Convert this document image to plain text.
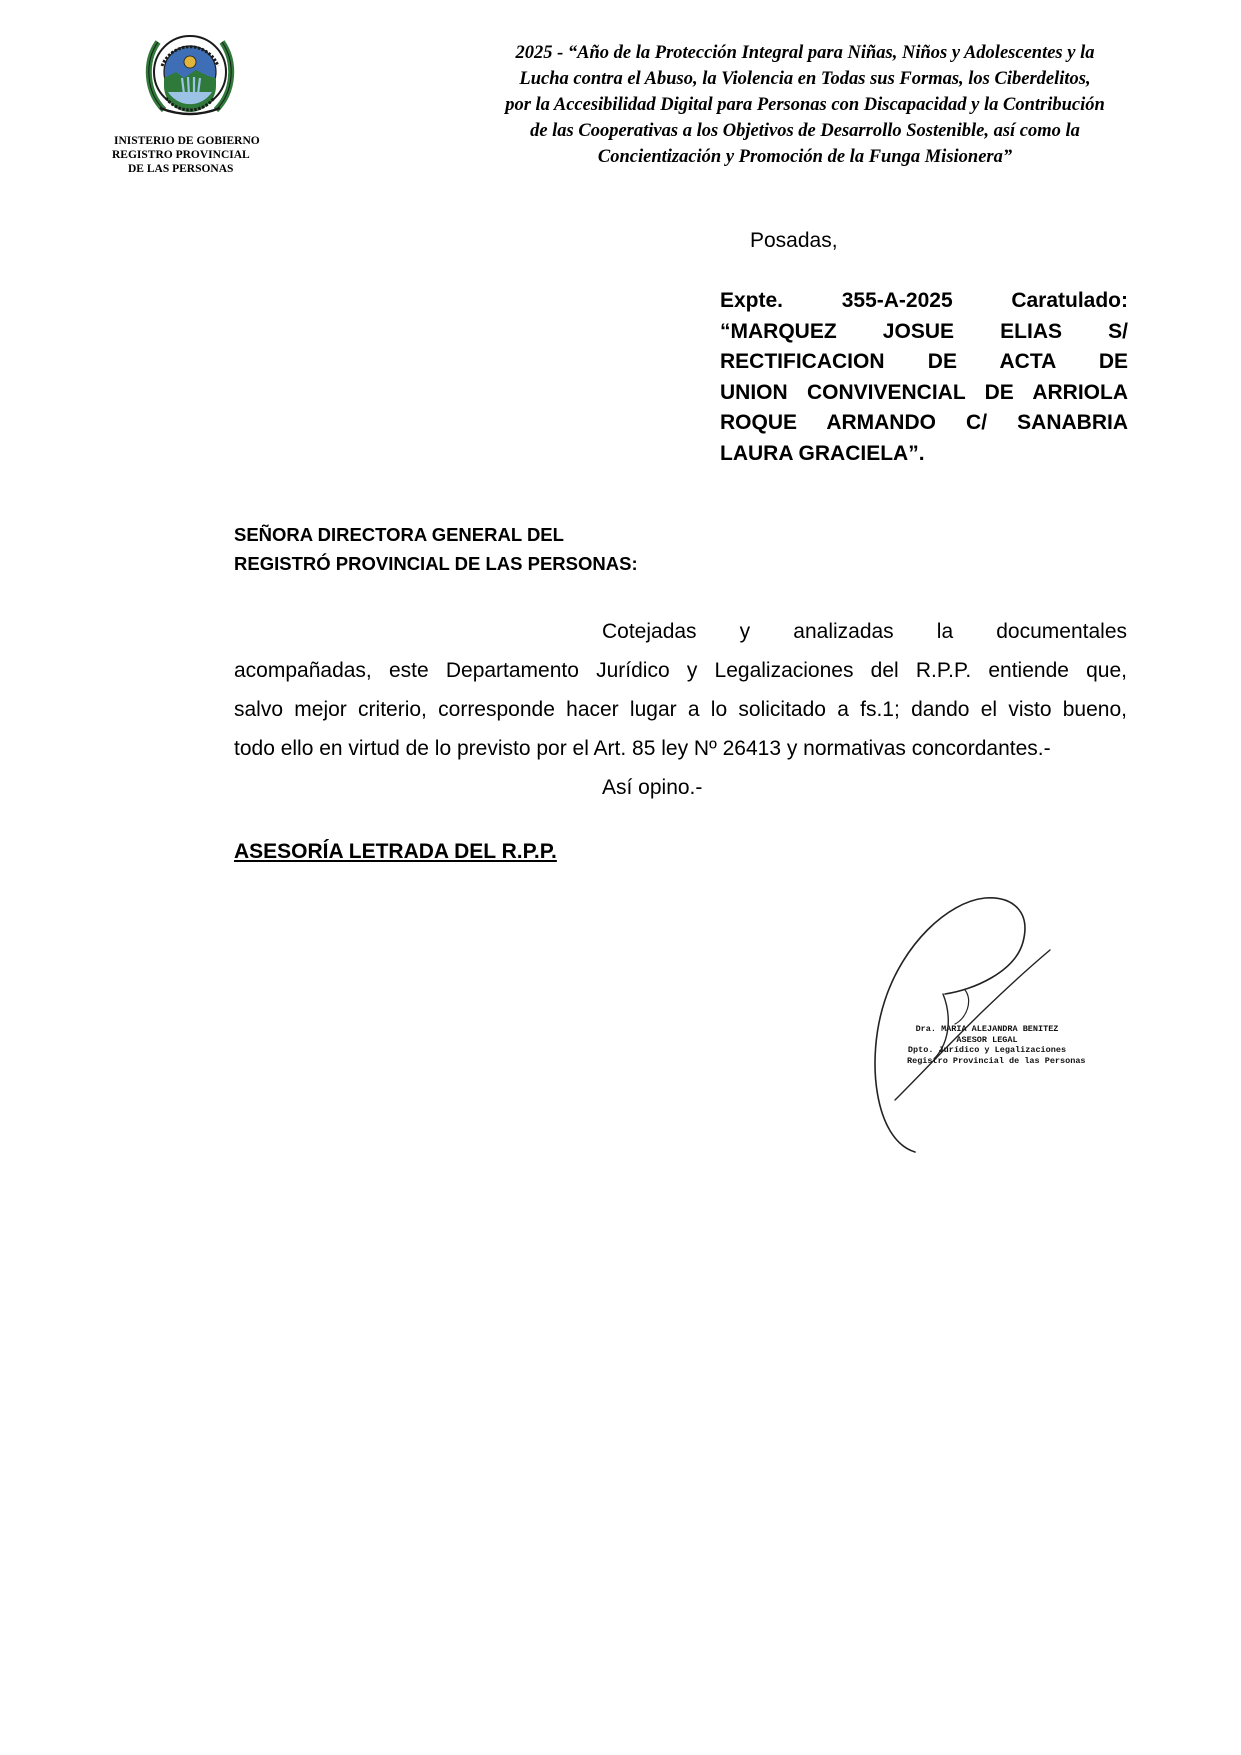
INISTERIO DE GOBIERNO
REGISTRO PROVINCIAL
DE LAS PERSONAS
2025 - “Año de la Protección Integral para Niñas, Niños y Adolescentes y la
Lucha contra el Abuso, la Violencia en Todas sus Formas, los Ciberdelitos,
por la Accesibilidad Digital para Personas con Discapacidad y la Contribución
de las Cooperativas a los Objetivos de Desarrollo Sostenible, así como la
Concientización y Promoción de la Funga Misionera”
Posadas,
Expte. 355-A-2025 Caratulado:
“MARQUEZ JOSUE ELIAS S/
RECTIFICACION DE ACTA DE
UNION CONVIVENCIAL DE ARRIOLA
ROQUE ARMANDO C/ SANABRIA
LAURA GRACIELA”.
SEÑORA DIRECTORA GENERAL DEL
REGISTRÓ PROVINCIAL DE LAS PERSONAS:
Cotejadas y analizadas la documentales
acompañadas, este Departamento Jurídico y Legalizaciones del R.P.P. entiende que,
salvo mejor criterio, corresponde hacer lugar a lo solicitado a fs.1; dando el visto bueno,
todo ello en virtud de lo previsto por el Art. 85 ley Nº 26413 y normativas concordantes.-
Así opino.-
ASESORÍA LETRADA DEL R.P.P.
Dra. MARIA ALEJANDRA BENITEZ
ASESOR LEGAL
Dpto. Jurídico y Legalizaciones
Registro Provincial de las Personas
